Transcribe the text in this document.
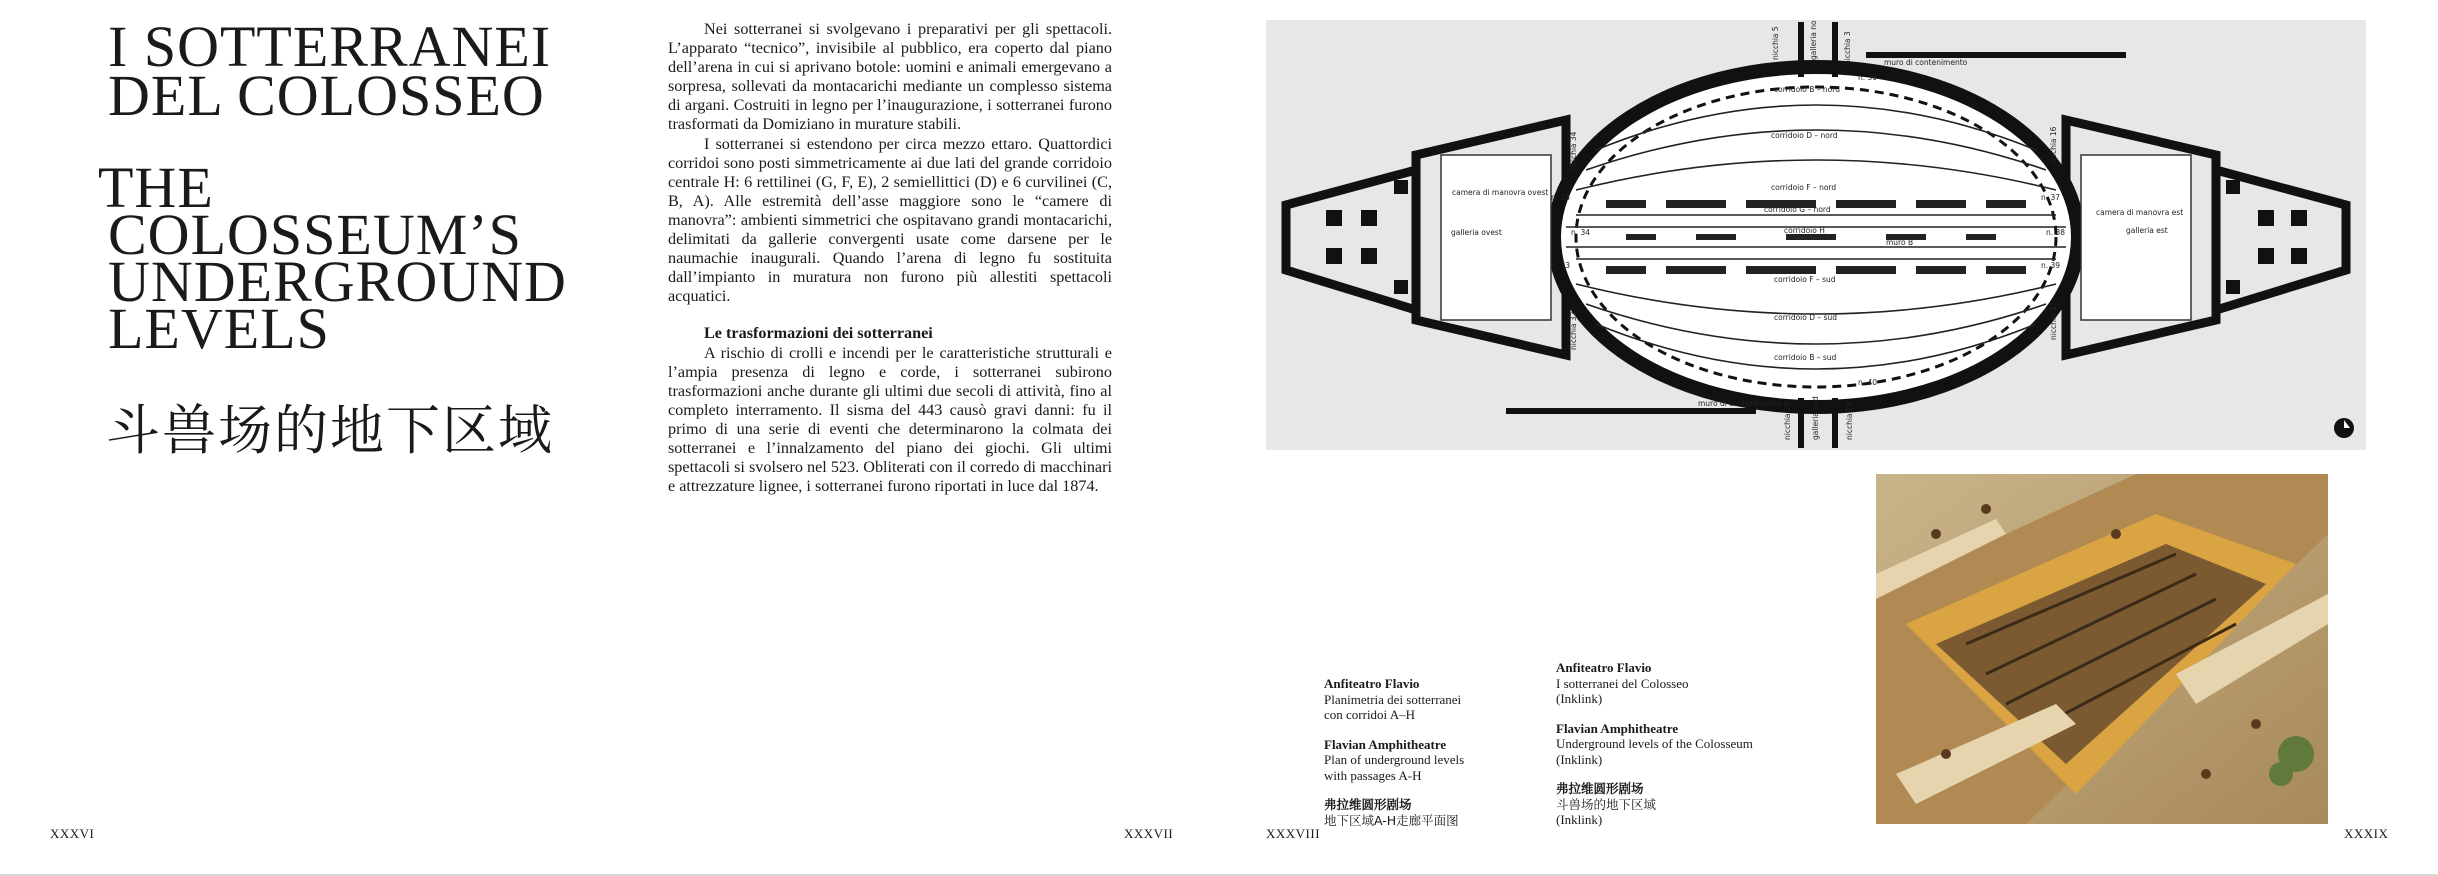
I SOTTERRANEI
DEL COLOSSEO
THE
COLOSSEUM’S
UNDERGROUND
LEVELS
斗兽场的地下区域
XXXVI

Nei sotterranei si svolgevano i preparativi per gli spettacoli. L’apparato “tecnico”, invisibile al pubblico, era coperto dal piano dell’arena in cui si aprivano botole: uomini e animali emergevano a sorpresa, sollevati da montacarichi mediante un complesso sistema di argani. Costruiti in legno per l’inaugurazione, i sotterranei furono trasformati da Domiziano in murature stabili.

I sotterranei si estendono per circa mezzo ettaro. Quattordici corridoi sono posti simmetricamente ai due lati del grande corridoio centrale H: 6 rettilinei (G, F, E), 2 semiellittici (D) e 6 curvilinei (C, B, A). Alle estremità dell’asse maggiore sono le “camere di manovra”: ambienti simmetrici che ospitavano grandi montacarichi, delimitati da gallerie convergenti usate come darsene per le naumachie inaugurali. Quando l’arena di legno fu sostituita dall’impianto in muratura non furono più allestiti spettacoli acquatici.

Le trasformazioni dei sotterranei

A rischio di crolli e incendi per le caratteristiche strutturali e l’ampia presenza di legno e corde, i sotterranei subirono trasformazioni anche durante gli ultimi due secoli di attività, fino al completo interramento. Il sisma del 443 causò gravi danni: fu il primo di una serie di eventi che determinarono la colmata dei sotterranei e l’innalzamento del piano dei giochi. Gli ultimi spettacoli si svolsero nel 523. Obliterati con il corredo di macchinari e attrezzature lignee, i sotterranei furono riportati in luce dal 1874.

XXXVII
nicchia 5	galleria nord	nicchia 3	muro di contenimento
muro di contenimento
galleria ovest	galleria est
camera di manovra ovest
camera di manovra est
corridoio B – nord
corridoio D – nord
corridoio F – nord
corridoio G – nord
corridoio H
corridoio F – sud
corridoio D – sud
corridoio B – sud
muro B
nicchia 34
nicchia 32
nicchia 16
nicchia 17
nicchia 25	galleria sud	nicchia 24
n. 35
n. 34
n. 33
n. 37
n. 38
n. 39
n. 36
n. 40
Anfiteatro Flavio
Planimetria dei sotterranei
con corridoi A–H
Flavian Amphitheatre
Plan of underground levels
with passages A-H
弗拉维圆形剧场
地下区域A-H走廊平面图
Anfiteatro Flavio
I sotterranei del Colosseo
(Inklink)
Flavian Amphitheatre
Underground levels of the Colosseum
(Inklink)
弗拉维圆形剧场
斗兽场的地下区域
(Inklink)
XXXVIII	XXXIX
